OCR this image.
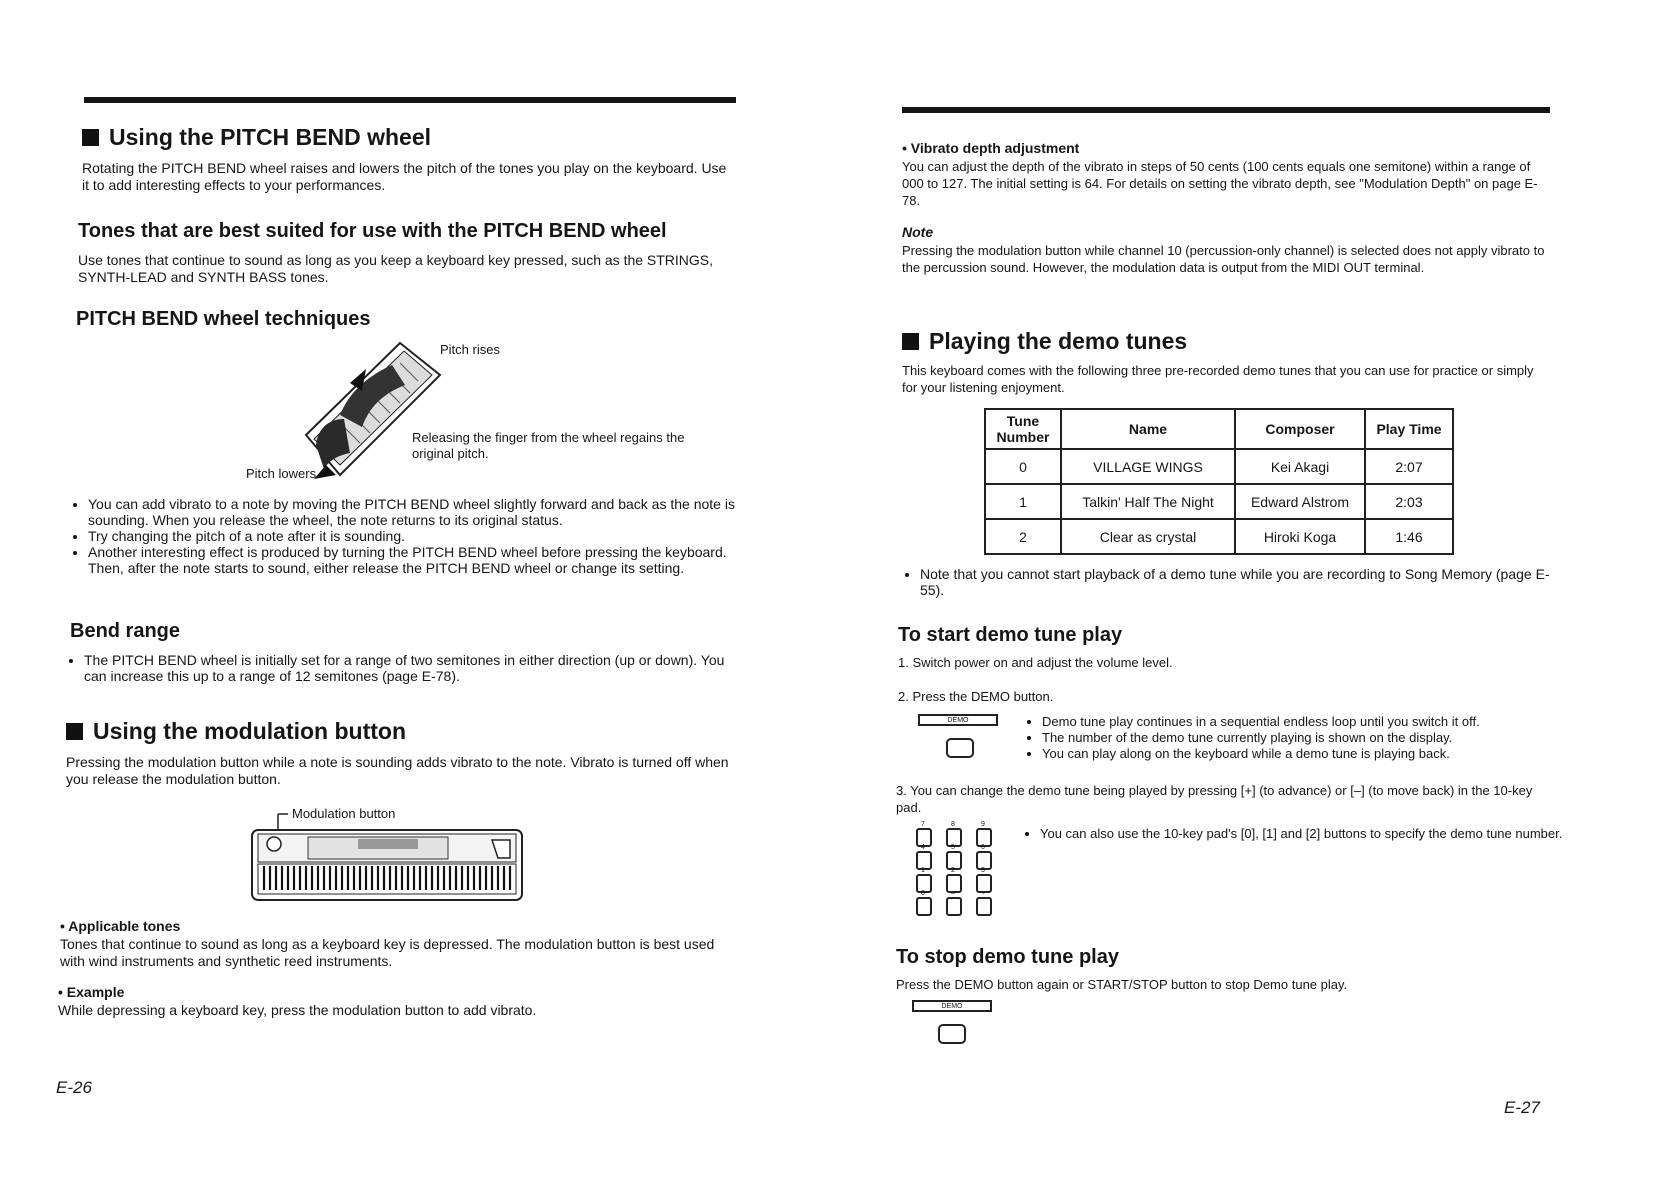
Using the PITCH BEND wheel

Rotating the PITCH BEND wheel raises and lowers the pitch of the tones you play on the keyboard. Use it to add interesting effects to your performances.

Tones that are best suited for use with the PITCH BEND wheel

Use tones that continue to sound as long as you keep a keyboard key pressed, such as the STRINGS, SYNTH-LEAD and SYNTH BASS tones.

PITCH BEND wheel techniques
Pitch rises
Releasing the finger from the wheel regains the original pitch.
Pitch lowers
• You can add vibrato to a note by moving the PITCH BEND wheel slightly forward and back as the note is sounding. When you release the wheel, the note returns to its original status.
• Try changing the pitch of a note after it is sounding.
• Another interesting effect is produced by turning the PITCH BEND wheel before pressing the keyboard. Then, after the note starts to sound, either release the PITCH BEND wheel or change its setting.
Bend range
• The PITCH BEND wheel is initially set for a range of two semitones in either direction (up or down). You can increase this up to a range of 12 semitones (page E-78).
Using the modulation button

Pressing the modulation button while a note is sounding adds vibrato to the note. Vibrato is turned off when you release the modulation button.

Modulation button

• Applicable tones

Tones that continue to sound as long as a keyboard key is depressed. The modulation button is best used with wind instruments and synthetic reed instruments.

• Example

While depressing a keyboard key, press the modulation button to add vibrato.

E-26

• Vibrato depth adjustment

You can adjust the depth of the vibrato in steps of 50 cents (100 cents equals one semitone) within a range of 000 to 127. The initial setting is 64. For details on setting the vibrato depth, see "Modulation Depth" on page E-78.

Note

Pressing the modulation button while channel 10 (percussion-only channel) is selected does not apply vibrato to the percussion sound. However, the modulation data is output from the MIDI OUT terminal.

Playing the demo tunes

This keyboard comes with the following three pre-recorded demo tunes that you can use for practice or simply for your listening enjoyment.

Tune Number	Name	Composer	Play Time
0	VILLAGE WINGS	Kei Akagi	2:07
1	Talkin' Half The Night	Edward Alstrom	2:03
2	Clear as crystal	Hiroki Koga	1:46
• Note that you cannot start playback of a demo tune while you are recording to Song Memory (page E-55).
To start demo tune play

1. Switch power on and adjust the volume level.

2. Press the DEMO button.

DEMO	• Demo tune play continues in a sequential endless loop until you switch it off.
• The number of the demo tune currently playing is shown on the display.
• You can play along on the keyboard while a demo tune is playing back.

3. You can change the demo tune being played by pressing [+] (to advance) or [–] (to move back) in the 10-key pad.

7	8	9
4	5	6
1	2	3
0	–	+
• You can also use the 10-key pad's [0], [1] and [2] buttons to specify the demo tune number.
To stop demo tune play

Press the DEMO button again or START/STOP button to stop Demo tune play.

DEMO
E-27
